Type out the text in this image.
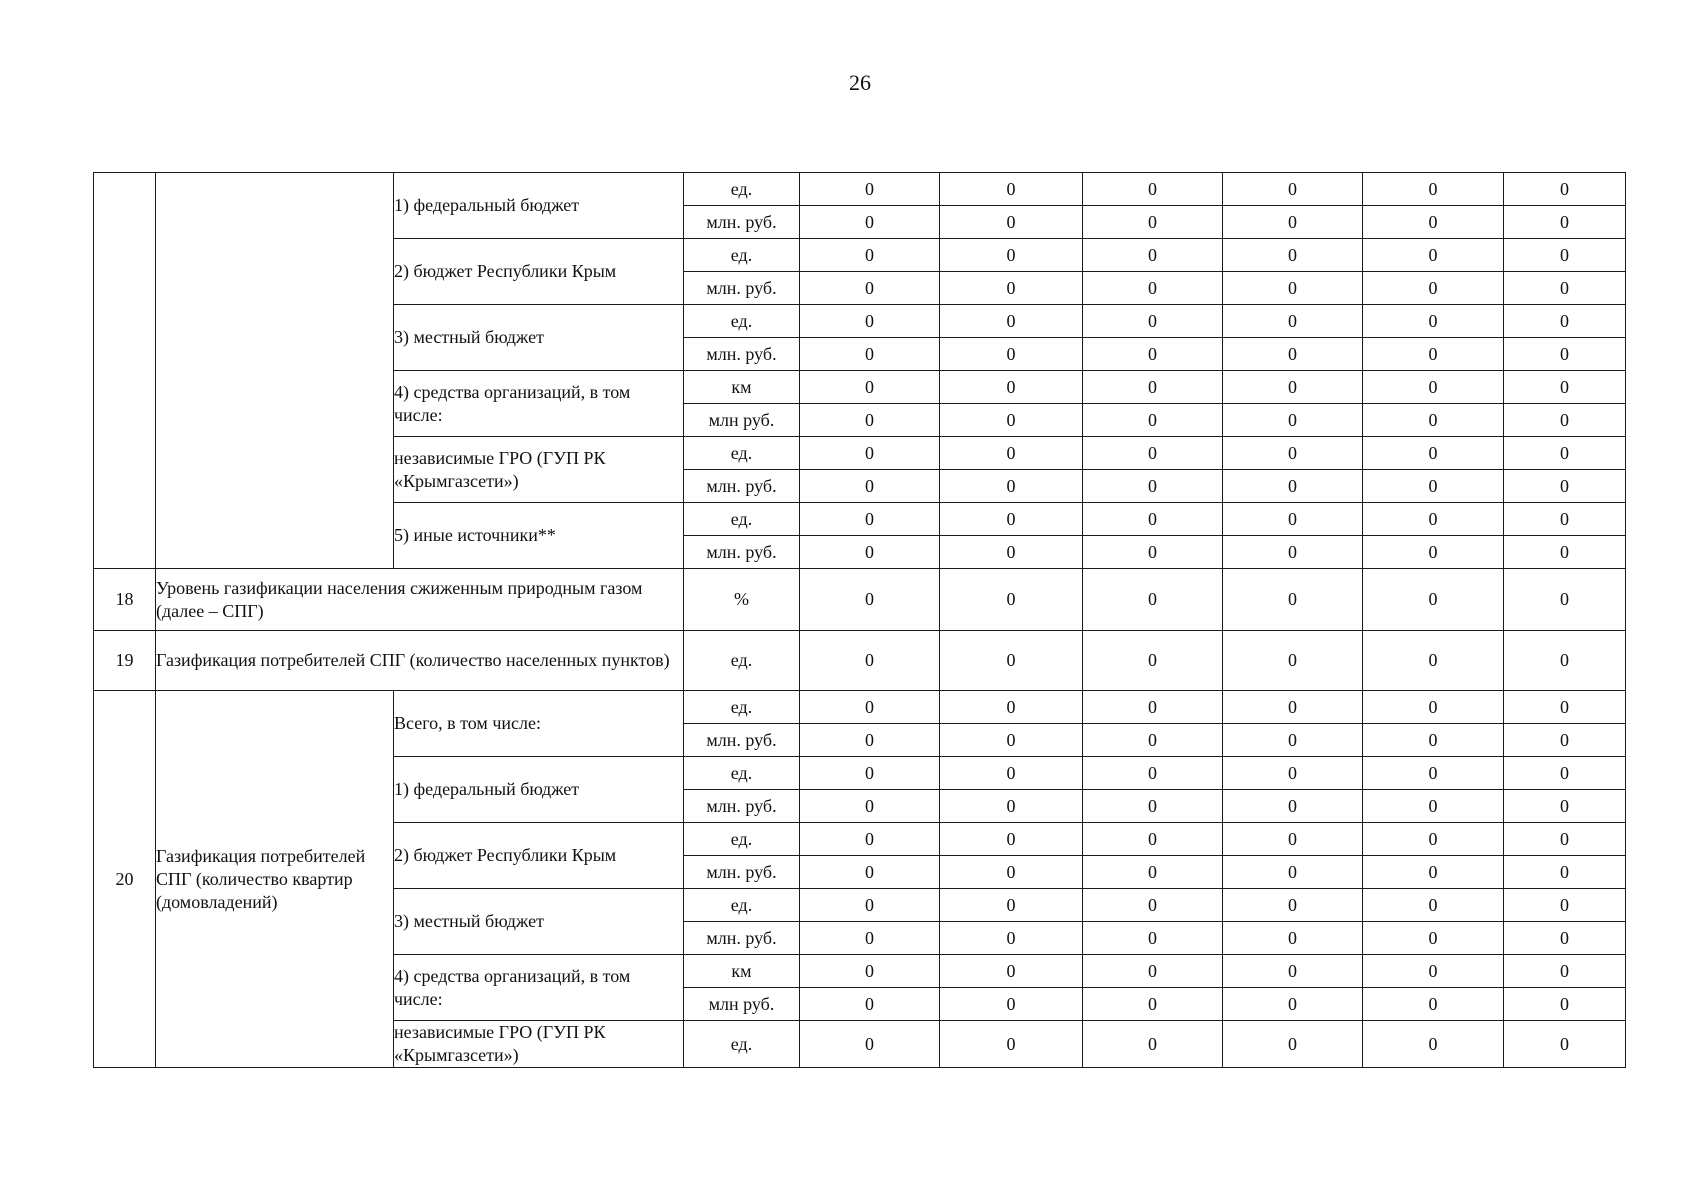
26
		1) федеральный бюджет	ед.	0	0	0	0	0	0
			млн. руб.	0	0	0	0	0	0
		2) бюджет Республики Крым	ед.	0	0	0	0	0	0
			млн. руб.	0	0	0	0	0	0
		3) местный бюджет	ед.	0	0	0	0	0	0
			млн. руб.	0	0	0	0	0	0
		4) средства организаций, в том числе:	км	0	0	0	0	0	0
			млн руб.	0	0	0	0	0	0
		независимые ГРО (ГУП РК «Крымгазсети»)	ед.	0	0	0	0	0	0
			млн. руб.	0	0	0	0	0	0
		5) иные источники**	ед.	0	0	0	0	0	0
			млн. руб.	0	0	0	0	0	0
18	Уровень газификации населения сжиженным природным газом (далее – СПГ)		%	0	0	0	0	0	0
19	Газификация потребителей СПГ (количество населенных пунктов)		ед.	0	0	0	0	0	0
20	Газификация потребителей СПГ (количество квартир (домовладений)	Всего, в том числе:	ед.	0	0	0	0	0	0
			млн. руб.	0	0	0	0	0	0
		1) федеральный бюджет	ед.	0	0	0	0	0	0
			млн. руб.	0	0	0	0	0	0
		2) бюджет Республики Крым	ед.	0	0	0	0	0	0
			млн. руб.	0	0	0	0	0	0
		3) местный бюджет	ед.	0	0	0	0	0	0
			млн. руб.	0	0	0	0	0	0
		4) средства организаций, в том числе:	км	0	0	0	0	0	0
			млн руб.	0	0	0	0	0	0
		независимые ГРО (ГУП РК «Крымгазсети»)	ед.	0	0	0	0	0	0
